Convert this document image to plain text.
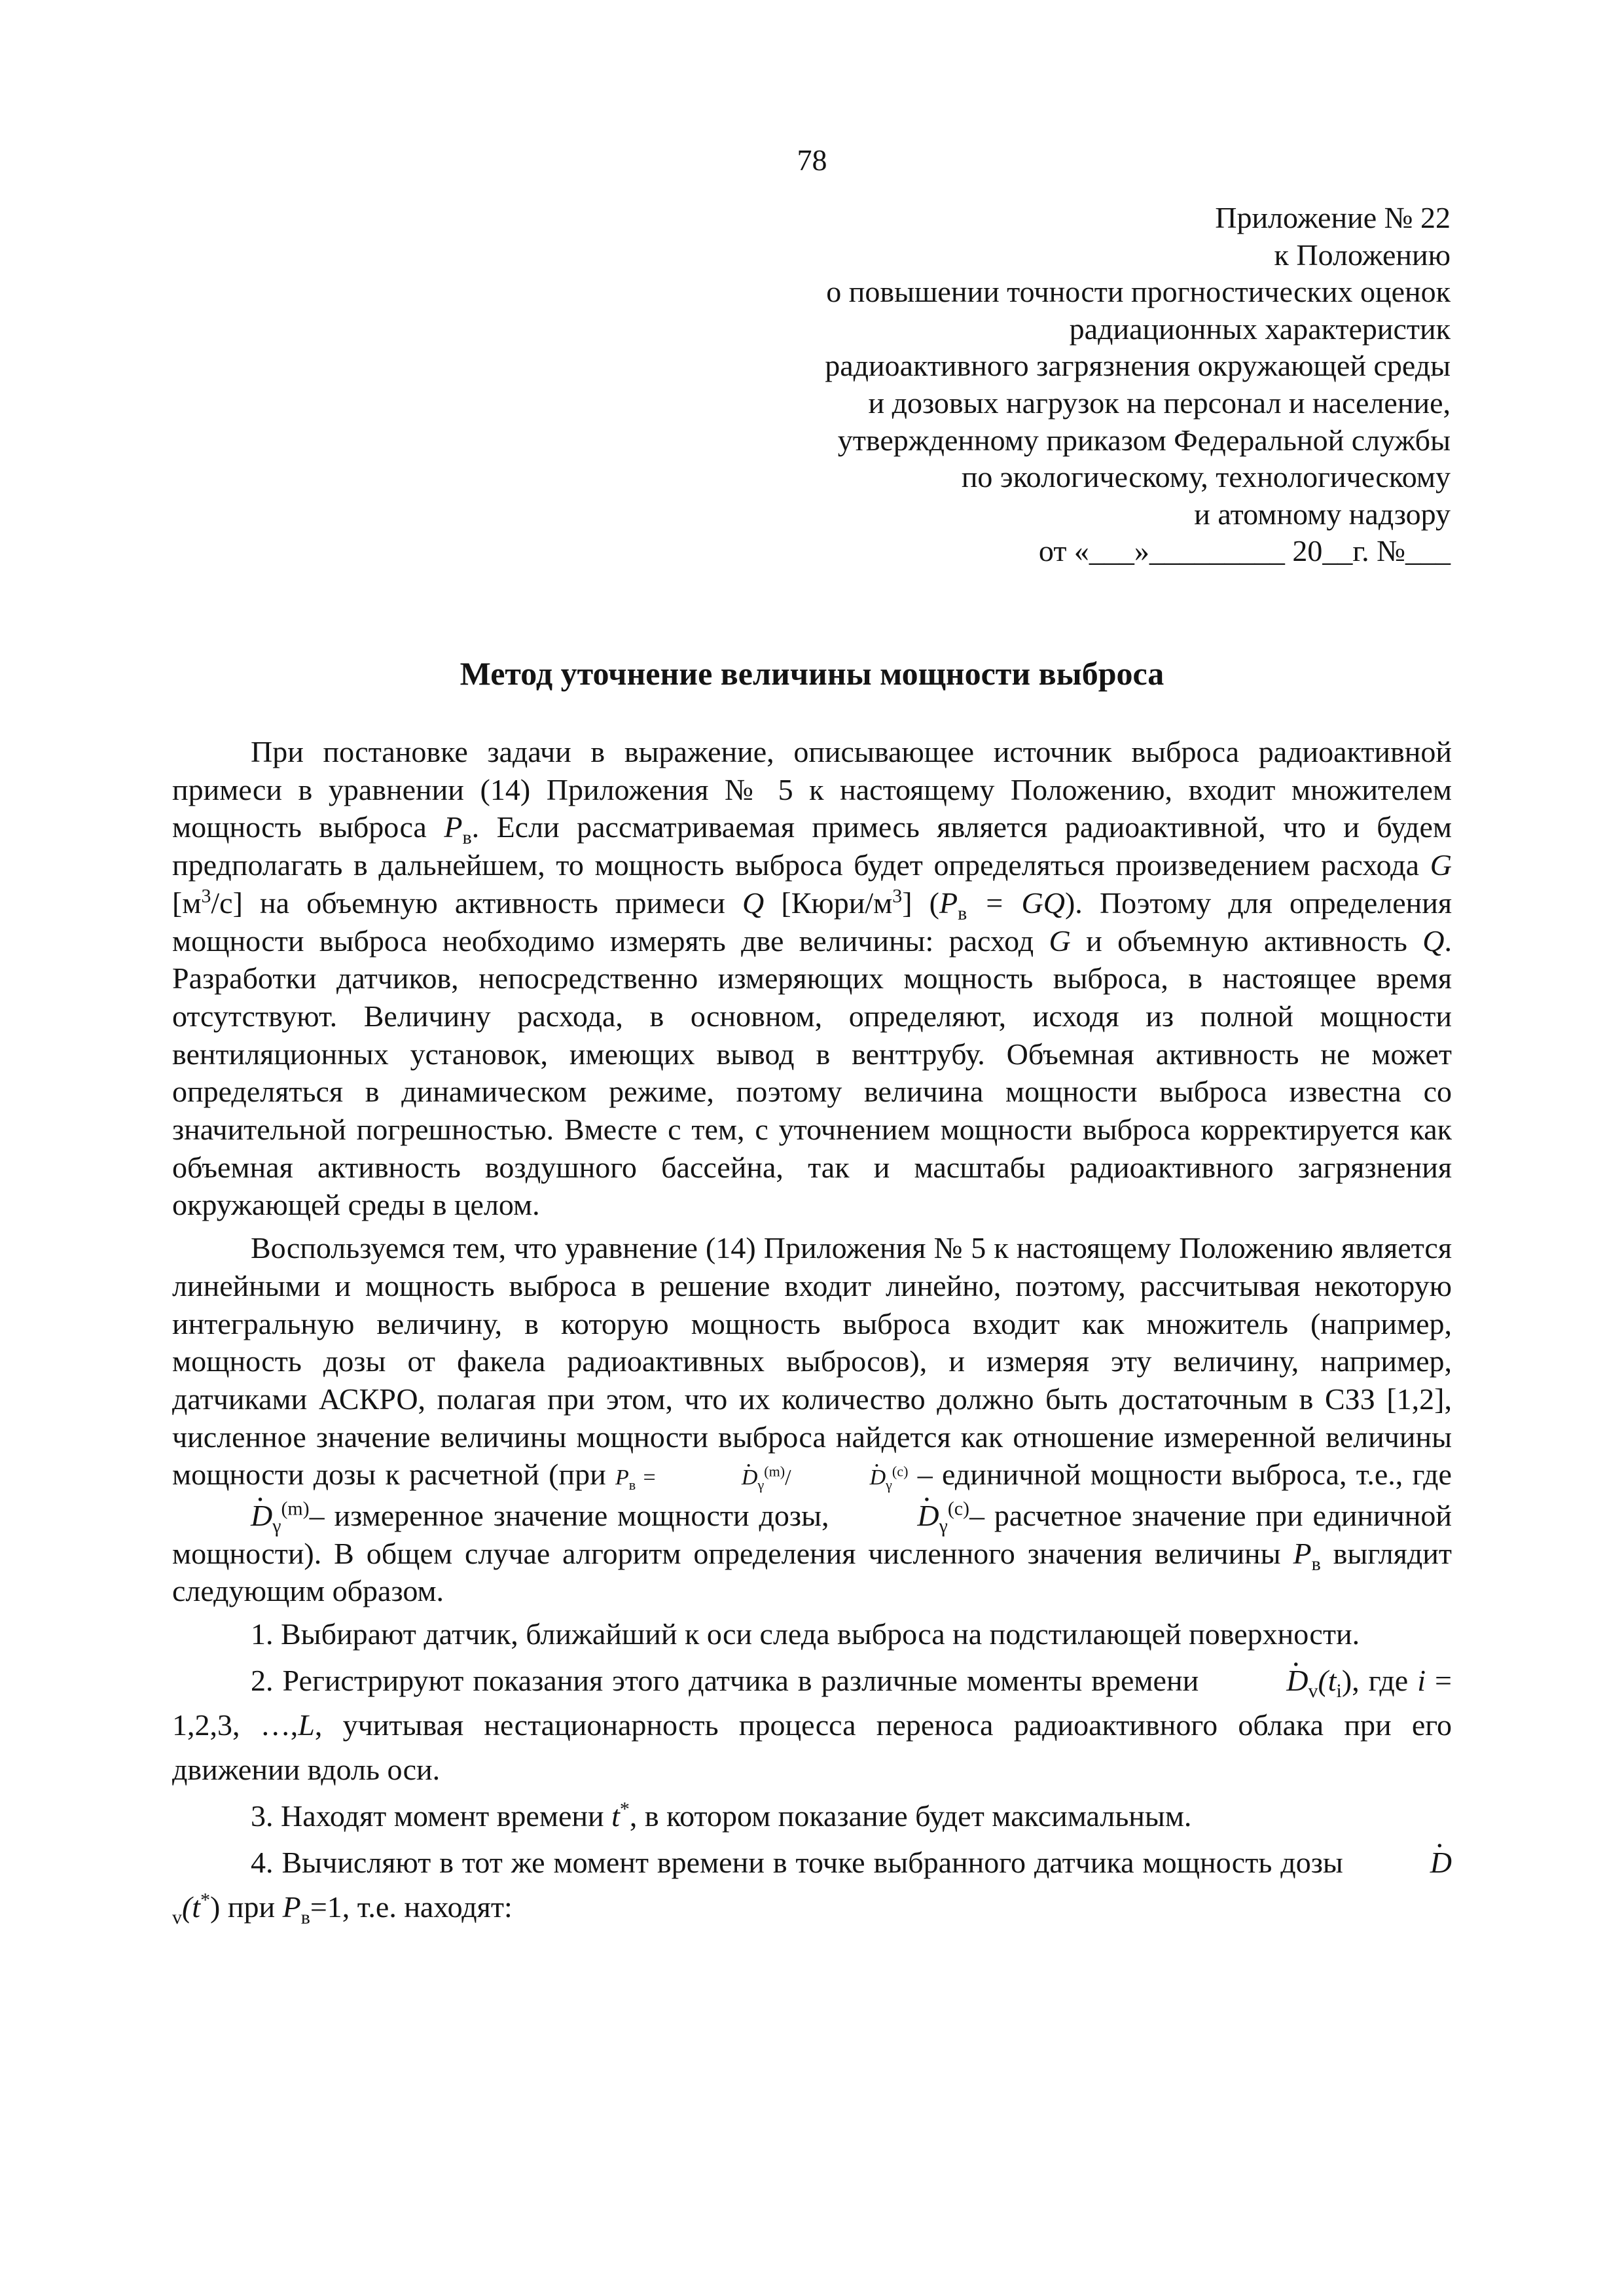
78
Приложение № 22
к Положению
о повышении точности прогностических оценок
радиационных характеристик
радиоактивного загрязнения окружающей среды
и дозовых нагрузок на персонал и население,
утвержденному приказом Федеральной службы
по экологическому, технологическому
и атомному надзору
от «___»_________ 20__г. №___
Метод уточнение величины мощности выброса

При постановке задачи в выражение, описывающее источник выброса радиоактивной примеси в уравнении (14) Приложения № 5 к настоящему Положению, входит множителем мощность выброса $P_в$. Если рассматриваемая примесь является радиоактивной, что и будем предполагать в дальнейшем, то мощность выброса будет определяться произведением расхода G $[м^3/с]$ на объемную активность примеси Q $[Кюри/м^3] (P_в = GQ)$. Поэтому для определения мощности выброса необходимо измерять две величины: расход G и объемную активность Q. Разработки датчиков, непосредственно измеряющих мощность выброса, в настоящее время отсутствуют. Величину расхода, в основном, определяют, исходя из полной мощности вентиляционных установок, имеющих вывод в венттрубу. Объемная активность не может определяться в динамическом режиме, поэтому величина мощности выброса известна со значительной погрешностью. Вместе с тем, с уточнением мощности выброса корректируется как объемная активность воздушного бассейна, так и масштабы радиоактивного загрязнения окружающей среды в целом.

Воспользуемся тем, что уравнение (14) Приложения № 5 к настоящему Положению является линейными и мощность выброса в решение входит линейно, поэтому, рассчитывая некоторую интегральную величину, в которую мощность выброса входит как множитель (например, мощность дозы от факела радиоактивных выбросов), и измеряя эту величину, например, датчиками АСКРО, полагая при этом, что их количество должно быть достаточным в СЗЗ [1,2], численное значение величины мощности выброса найдется как отношение измеренной величины мощности дозы к расчетной (при $P_в$ = ·	$D_\gamma^{(m)}/\cdot$	$D_\gamma^{(c)}$ – единичной мощности выброса, т.е., где · $D_\gamma^{(m)}-$ измеренное значение мощности дозы, ·	$D_\gamma^{(c)}-$ расчетное значение при единичной мощности). В общем случае алгоритм определения численного значения величины $P_в$ выглядит следующим образом.

1. Выбирают датчик, ближайший к оси следа выброса на подстилающей поверхности.

2. Регистрируют показания этого датчика в различные моменты времени ·	$D_v(t_i)$, где i = 1,2,3, …,L, учитывая нестационарность процесса переноса радиоактивного облака при его движении вдоль оси.

3. Находят момент времени t*, в котором показание будет максимальным.

4. Вычисляют в тот же момент времени в точке выбранного датчика мощность дозы ·	$D_v(t^*)$ при $P_в=1$, т.е. находят:
